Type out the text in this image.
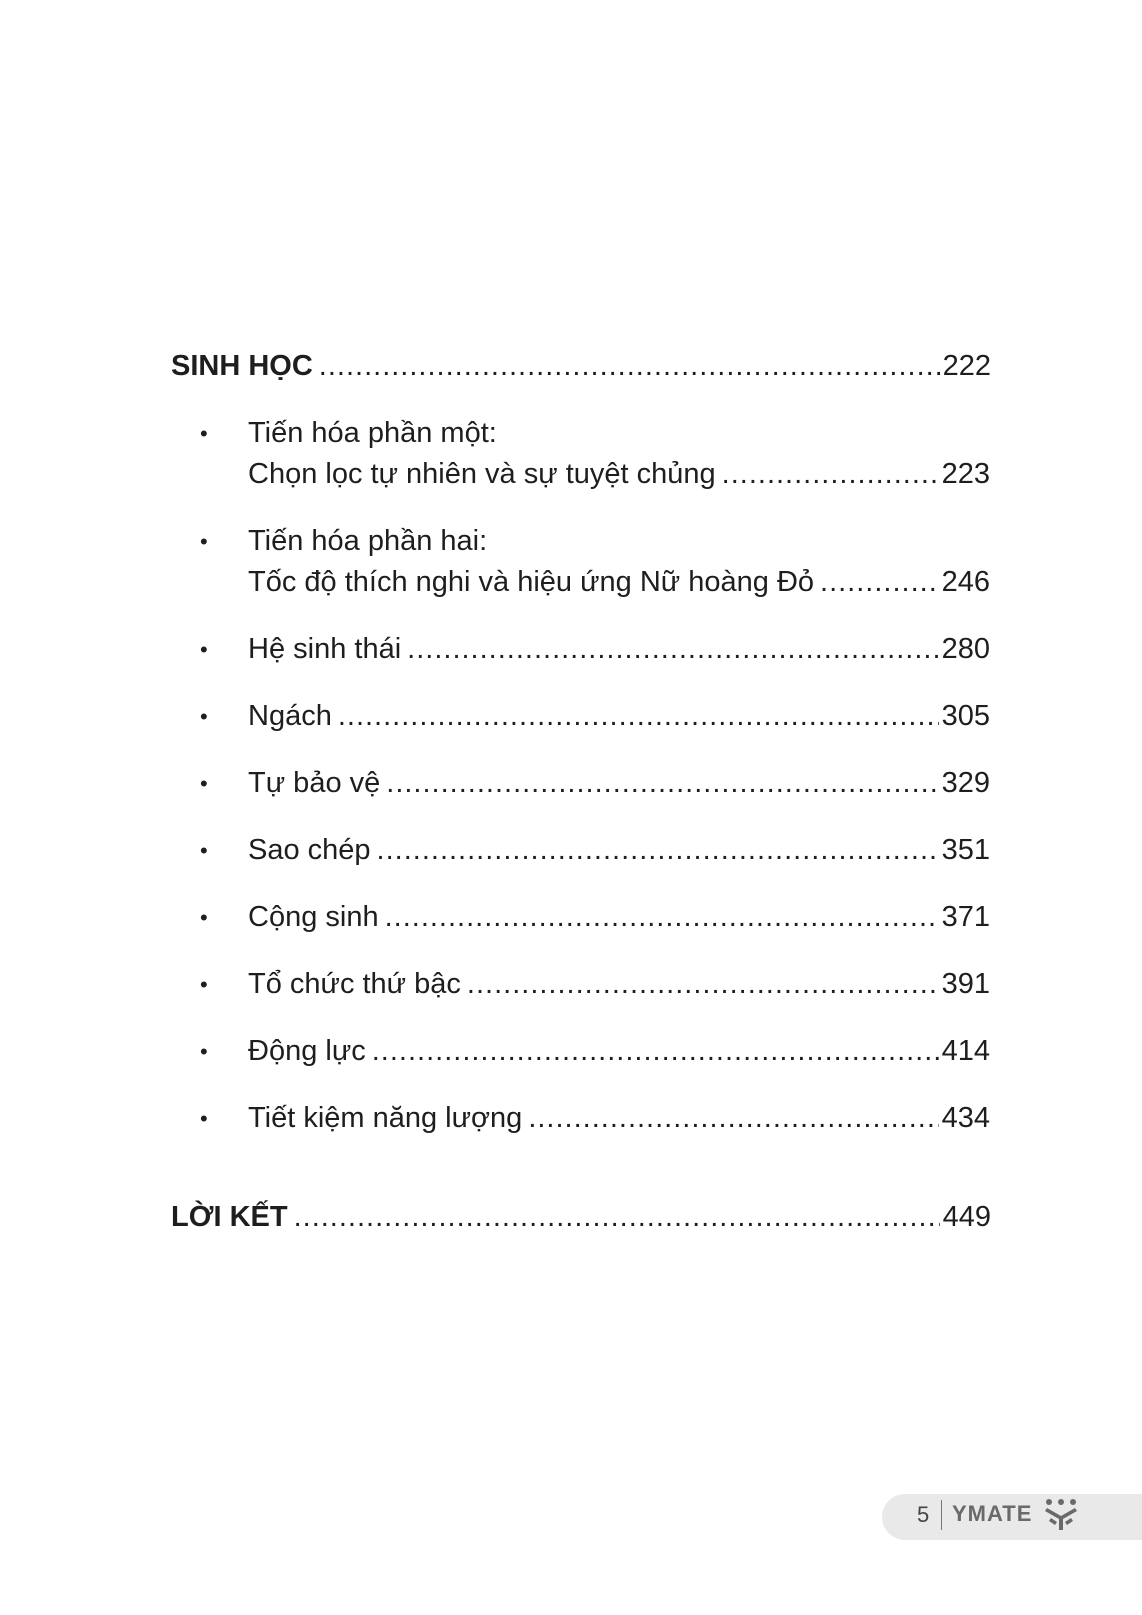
SINH HỌC .....	222
• Tiến hóa phần một:
Chọn lọc tự nhiên và sự tuyệt chủng .....	223
• Tiến hóa phần hai:
Tốc độ thích nghi và hiệu ứng Nữ hoàng Đỏ .....	246
• Hệ sinh thái .....	280
• Ngách .....	305
• Tự bảo vệ .....	329
• Sao chép .....	351
• Cộng sinh .....	371
• Tổ chức thứ bậc .....	391
• Động lực .....	414
• Tiết kiệm năng lượng .....	434
LỜI KẾT .....	449
5 YMATE
